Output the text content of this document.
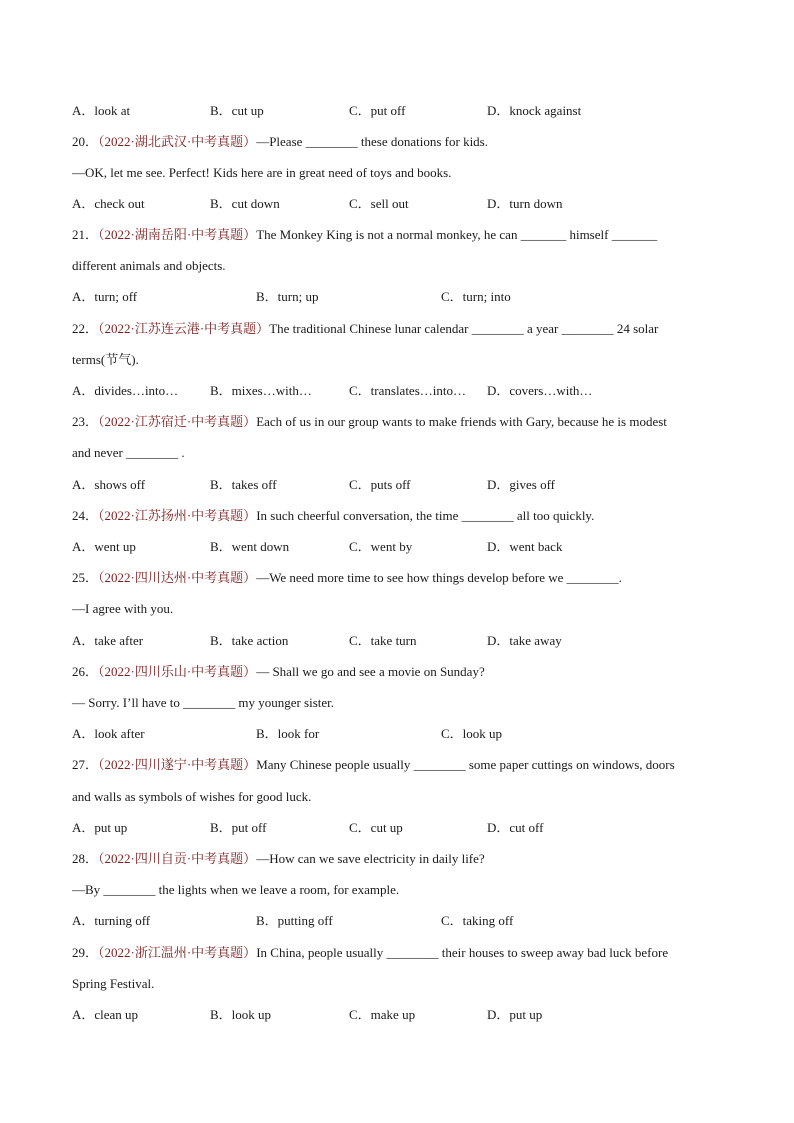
A．look at	B．cut up	C．put off	D．knock against
20．（2022·湖北武汉·中考真题）—Please ________ these donations for kids.
—OK, let me see. Perfect! Kids here are in great need of toys and books.
A．check out	B．cut down	C．sell out	D．turn down
21．（2022·湖南岳阳·中考真题）The Monkey King is not a normal monkey, he can _______ himself _______
different animals and objects.
A．turn; off	B．turn; up	C．turn; into
22．（2022·江苏连云港·中考真题）The traditional Chinese lunar calendar ________ a year ________ 24 solar
terms(节气).
A．divides…into… B．mixes…with…	C．translates…into… D．covers…with…
23．（2022·江苏宿迁·中考真题）Each of us in our group wants to make friends with Gary, because he is modest
and never ________ .
A．shows off	B．takes off	C．puts off	D．gives off
24．（2022·江苏扬州·中考真题）In such cheerful conversation, the time ________ all too quickly.
A．went up	B．went down	C．went by	D．went back
25．（2022·四川达州·中考真题）—We need more time to see how things develop before we ________.
—I agree with you.
A．take after	B．take action	C．take turn	D．take away
26．（2022·四川乐山·中考真题）— Shall we go and see a movie on Sunday?
— Sorry. I’ll have to ________ my younger sister.
A．look after	B．look for	C．look up
27．（2022·四川遂宁·中考真题）Many Chinese people usually ________ some paper cuttings on windows, doors
and walls as symbols of wishes for good luck.
A．put up	B．put off	C．cut up	D．cut off
28．（2022·四川自贡·中考真题）—How can we save electricity in daily life?
—By ________ the lights when we leave a room, for example.
A．turning off	B．putting off	C．taking off
29．（2022·浙江温州·中考真题）In China, people usually ________ their houses to sweep away bad luck before
Spring Festival.
A．clean up	B．look up	C．make up	D．put up
